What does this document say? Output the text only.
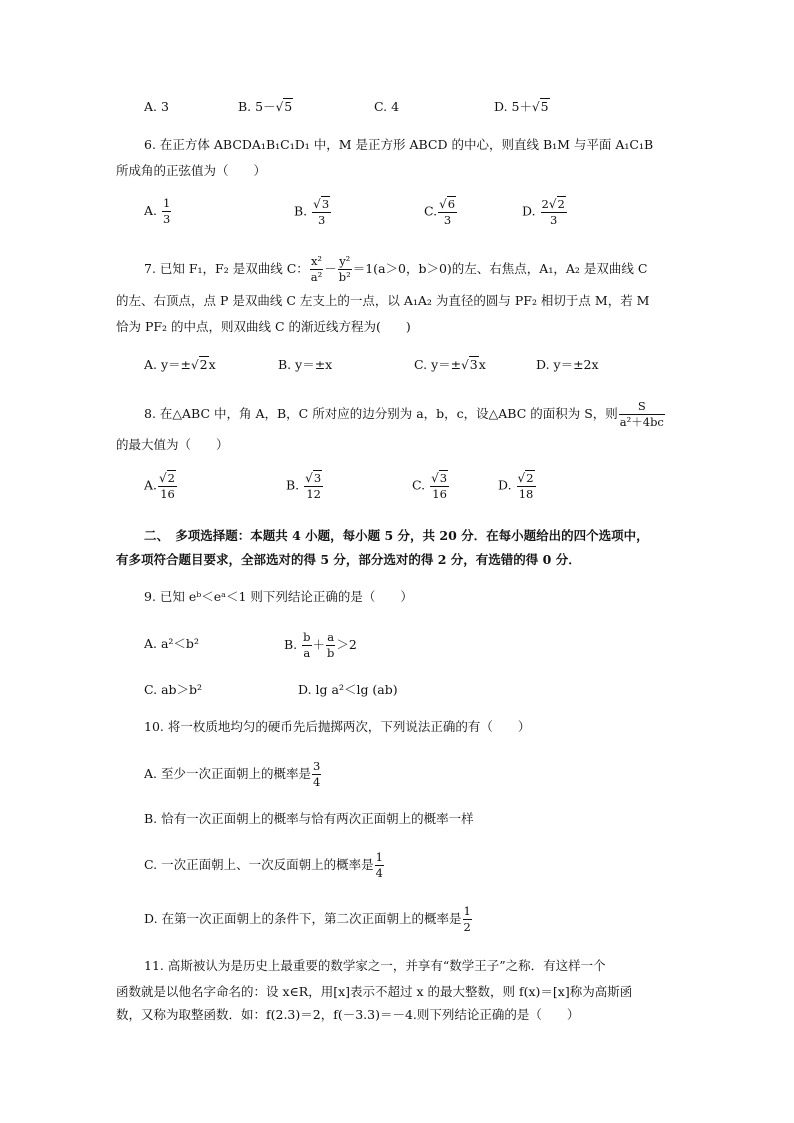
A. 3	B. 5－√5	C. 4	D. 5＋√5
6. 在正方体 ABCDA₁B₁C₁D₁ 中，M 是正方形 ABCD 的中心，则直线 B₁M 与平面 A₁C₁B
所成角的正弦值为（　　）
A. $\frac{1}{3}$	B. $\frac{√3}{3}$	C. $\frac{√6}{3}$	D. $\frac{2√2}{3}$
7. 已知 F₁，F₂ 是双曲线 C： $\frac{\text{x²}}{\text{a²}} - \frac{\text{y²}}{\text{b²}} =1(a>0$，b＞0)的左、右焦点，A₁，A₂ 是双曲线 C
的左、右顶点，点 P 是双曲线 C 左支上的一点，以 A₁A₂ 为直径的圆与 PF₂ 相切于点 M，若 M
恰为 PF₂ 的中点，则双曲线 C 的渐近线方程为(　　)
A. y＝±√2x	B. y＝±x	C. y＝±√3x	D. y＝±2x
8. 在△ABC 中，角 A，B，C 所对应的边分别为 a，b，c，设△ABC 的面积为 S，则 $\frac{S}{\text{a²＋4bc}}$
的最大值为（　　）
A. $\frac{√2}{16}$	B. $\frac{√3}{12}$	C. $\frac{√3}{16}$	D. $\frac{√2}{18}$
二、　多项选择题：本题共 4 小题，每小题 5 分，共 20 分．在每小题给出的四个选项中，
有多项符合题目要求，全部选对的得 5 分，部分选对的得 2 分，有选错的得 0 分．
9. 已知 eᵇ＜eᵃ＜1 则下列结论正确的是（　　）
A. a²＜b²	B. $\frac{b}{a} + \frac{a}{b} >2$
C. ab＞b²	D. lg a²＜lg (ab)
10. 将一枚质地均匀的硬币先后抛掷两次，下列说法正确的有（　　）
A. 至少一次正面朝上的概率是 $\frac{3}{4}$
B. 恰有一次正面朝上的概率与恰有两次正面朝上的概率一样
C. 一次正面朝上、一次反面朝上的概率是 $\frac{1}{4}$
D. 在第一次正面朝上的条件下，第二次正面朝上的概率是 $\frac{1}{2}$
11. 高斯被认为是历史上最重要的数学家之一，并享有“数学王子”之称．有这样一个
函数就是以他名字命名的：设 x∈R，用[x]表示不超过 x 的最大整数，则 f(x)＝[x]称为高斯函
数，又称为取整函数．如：f(2.3)＝2，f(－3.3)＝－4.则下列结论正确的是（　　）
